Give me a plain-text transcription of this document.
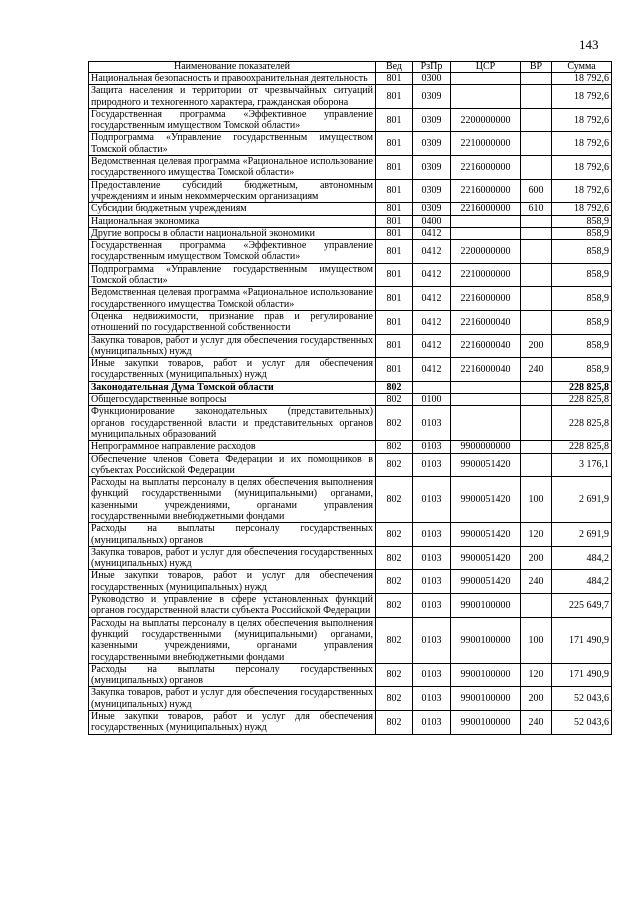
143
Наименование показателей	Вед	РзПр	ЦСР	ВР	Сумма
Национальная безопасность и правоохранительная деятельность	801	0300			18 792,6
Защита населения и территории от чрезвычайных ситуаций природного и техногенного характера, гражданская оборона	801	0309			18 792,6
Государственная программа «Эффективное управление государственным имуществом Томской области»	801	0309	2200000000		18 792,6
Подпрограмма «Управление государственным имуществом Томской области»	801	0309	2210000000		18 792,6
Ведомственная целевая программа «Рациональное использование государственного имущества Томской области»	801	0309	2216000000		18 792,6
Предоставление субсидий бюджетным, автономным учреждениям и иным некоммерческим организациям	801	0309	2216000000	600	18 792,6
Субсидии бюджетным учреждениям	801	0309	2216000000	610	18 792,6
Национальная экономика	801	0400			858,9
Другие вопросы в области национальной экономики	801	0412			858,9
Государственная программа «Эффективное управление государственным имуществом Томской области»	801	0412	2200000000		858,9
Подпрограмма «Управление государственным имуществом Томской области»	801	0412	2210000000		858,9
Ведомственная целевая программа «Рациональное использование государственного имущества Томской области»	801	0412	2216000000		858,9
Оценка недвижимости, признание прав и регулирование отношений по государственной собственности	801	0412	2216000040		858,9
Закупка товаров, работ и услуг для обеспечения государственных (муниципальных) нужд	801	0412	2216000040	200	858,9
Иные закупки товаров, работ и услуг для обеспечения государственных (муниципальных) нужд	801	0412	2216000040	240	858,9
Законодательная Дума Томской области	802				228 825,8
Общегосударственные вопросы	802	0100			228 825,8
Функционирование законодательных (представительных) органов государственной власти и представительных органов муниципальных образований	802	0103			228 825,8
Непрограммное направление расходов	802	0103	9900000000		228 825,8
Обеспечение членов Совета Федерации и их помощников в субъектах Российской Федерации	802	0103	9900051420		3 176,1
Расходы на выплаты персоналу в целях обеспечения выполнения функций государственными (муниципальными) органами, казенными учреждениями, органами управления государственными внебюджетными фондами	802	0103	9900051420	100	2 691,9
Расходы на выплаты персоналу государственных (муниципальных) органов	802	0103	9900051420	120	2 691,9
Закупка товаров, работ и услуг для обеспечения государственных (муниципальных) нужд	802	0103	9900051420	200	484,2
Иные закупки товаров, работ и услуг для обеспечения государственных (муниципальных) нужд	802	0103	9900051420	240	484,2
Руководство и управление в сфере установленных функций органов государственной власти субъекта Российской Федерации	802	0103	9900100000		225 649,7
Расходы на выплаты персоналу в целях обеспечения выполнения функций государственными (муниципальными) органами, казенными учреждениями, органами управления государственными внебюджетными фондами	802	0103	9900100000	100	171 490,9
Расходы на выплаты персоналу государственных (муниципальных) органов	802	0103	9900100000	120	171 490,9
Закупка товаров, работ и услуг для обеспечения государственных (муниципальных) нужд	802	0103	9900100000	200	52 043,6
Иные закупки товаров, работ и услуг для обеспечения государственных (муниципальных) нужд	802	0103	9900100000	240	52 043,6
